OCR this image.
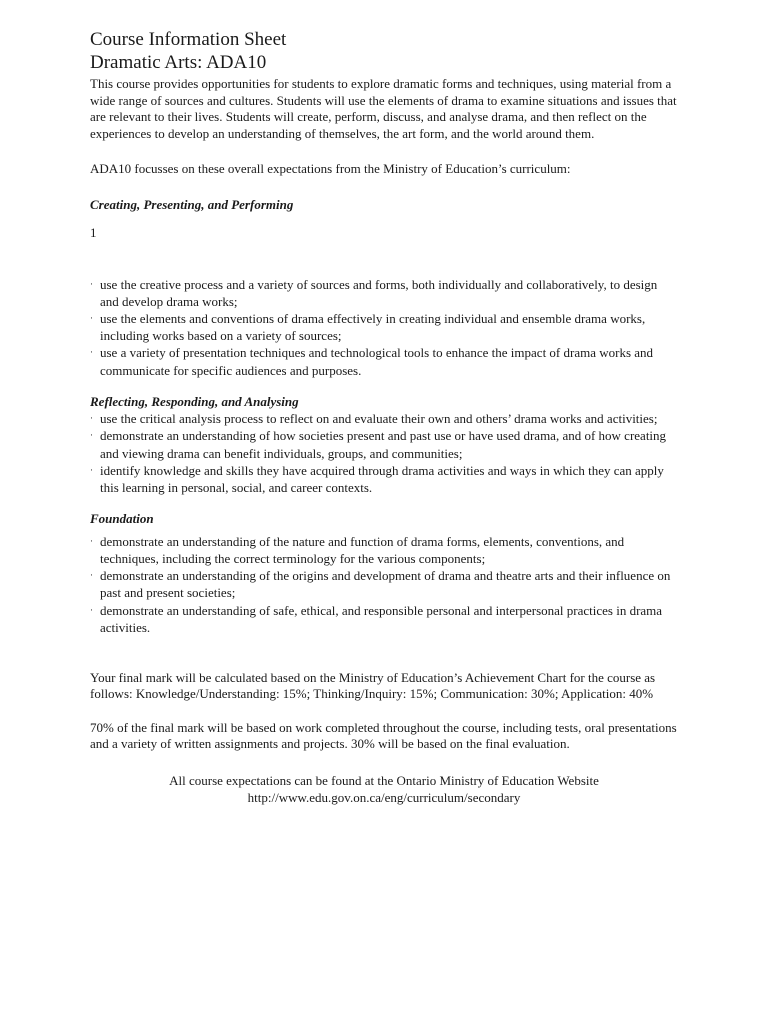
Course Information Sheet
Dramatic Arts: ADA10

This course provides opportunities for students to explore dramatic forms and techniques, using material from a wide range of sources and cultures. Students will use the elements of drama to examine situations and issues that are relevant to their lives. Students will create, perform, discuss, and analyse drama, and then reflect on the experiences to develop an understanding of themselves, the art form, and the world around them.

ADA10 focusses on these overall expectations from the Ministry of Education’s curriculum:

Creating, Presenting, and Performing

1

· use the creative process and a variety of sources and forms, both individually and collaboratively, to design and develop drama works;
· use the elements and conventions of drama effectively in creating individual and ensemble drama works, including works based on a variety of sources;
· use a variety of presentation techniques and technological tools to enhance the impact of drama works and communicate for specific audiences and purposes.

Reflecting, Responding, and Analysing

· use the critical analysis process to reflect on and evaluate their own and others’ drama works and activities;
· demonstrate an understanding of how societies present and past use or have used drama, and of how creating and viewing drama can benefit individuals, groups, and communities;
· identify knowledge and skills they have acquired through drama activities and ways in which they can apply this learning in personal, social, and career contexts.

Foundation

· demonstrate an understanding of the nature and function of drama forms, elements, conventions, and techniques, including the correct terminology for the various components;
· demonstrate an understanding of the origins and development of drama and theatre arts and their influence on past and present societies;
· demonstrate an understanding of safe, ethical, and responsible personal and interpersonal practices in drama activities.

Your final mark will be calculated based on the Ministry of Education’s Achievement Chart for the course as follows: Knowledge/Understanding: 15%; Thinking/Inquiry: 15%; Communication: 30%; Application: 40%

70% of the final mark will be based on work completed throughout the course, including tests, oral presentations and a variety of written assignments and projects. 30% will be based on the final evaluation.

All course expectations can be found at the Ontario Ministry of Education Website

http://www.edu.gov.on.ca/eng/curriculum/secondary
